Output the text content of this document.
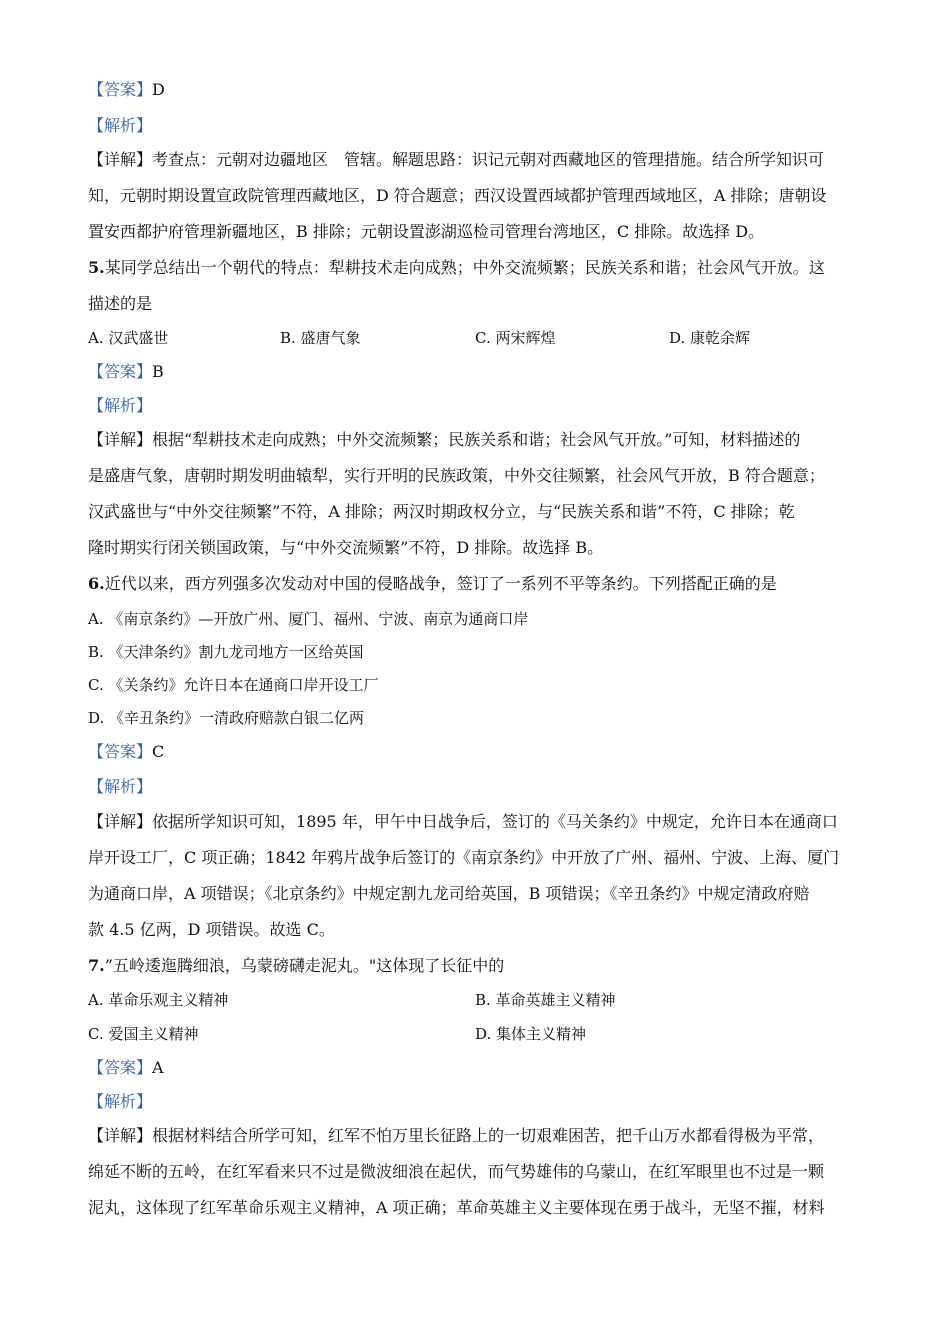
【答案】D
【解析】
【详解】考查点：元朝对边疆地区　管辖。解题思路：识记元朝对西藏地区的管理措施。结合所学知识可
知，元朝时期设置宣政院管理西藏地区，D 符合题意；西汉设置西域都护管理西域地区，A 排除；唐朝设
置安西都护府管理新疆地区，B 排除；元朝设置澎湖巡检司管理台湾地区，C 排除。故选择 D。
5.某同学总结出一个朝代的特点：犁耕技术走向成熟；中外交流频繁；民族关系和谐；社会风气开放。这
描述的是
A. 汉武盛世	B. 盛唐气象	C. 两宋辉煌	D. 康乾余辉
【答案】B
【解析】
【详解】根据“犁耕技术走向成熟；中外交流频繁；民族关系和谐；社会风气开放。”可知，材料描述的
是盛唐气象，唐朝时期发明曲辕犁，实行开明的民族政策，中外交往频繁，社会风气开放，B 符合题意；
汉武盛世与“中外交往频繁”不符，A 排除；两汉时期政权分立，与“民族关系和谐”不符，C 排除；乾
隆时期实行闭关锁国政策，与“中外交流频繁”不符，D 排除。故选择 B。
6.近代以来，西方列强多次发动对中国的侵略战争，签订了一系列不平等条约。下列搭配正确的是
A. 《南京条约》—开放广州、厦门、福州、宁波、南京为通商口岸
B. 《天津条约》割九龙司地方一区给英国
C. 《关条约》允许日本在通商口岸开设工厂
D. 《辛丑条约》一清政府赔款白银二亿两
【答案】C
【解析】
【详解】依据所学知识可知，1895 年，甲午中日战争后，签订的《马关条约》中规定，允许日本在通商口
岸开设工厂，C 项正确；1842 年鸦片战争后签订的《南京条约》中开放了广州、福州、宁波、上海、厦门
为通商口岸，A 项错误；《北京条约》中规定割九龙司给英国，B 项错误；《辛丑条约》中规定清政府赔
款 4.5 亿两，D 项错误。故选 C。
7.”五岭逶迤腾细浪，乌蒙磅礴走泥丸。"这体现了长征中的
A. 革命乐观主义精神	B. 革命英雄主义精神
C. 爱国主义精神	D. 集体主义精神
【答案】A
【解析】
【详解】根据材料结合所学可知，红军不怕万里长征路上的一切艰难困苦，把千山万水都看得极为平常，
绵延不断的五岭，在红军看来只不过是微波细浪在起伏，而气势雄伟的乌蒙山，在红军眼里也不过是一颗
泥丸，这体现了红军革命乐观主义精神，A 项正确；革命英雄主义主要体现在勇于战斗，无坚不摧，材料
